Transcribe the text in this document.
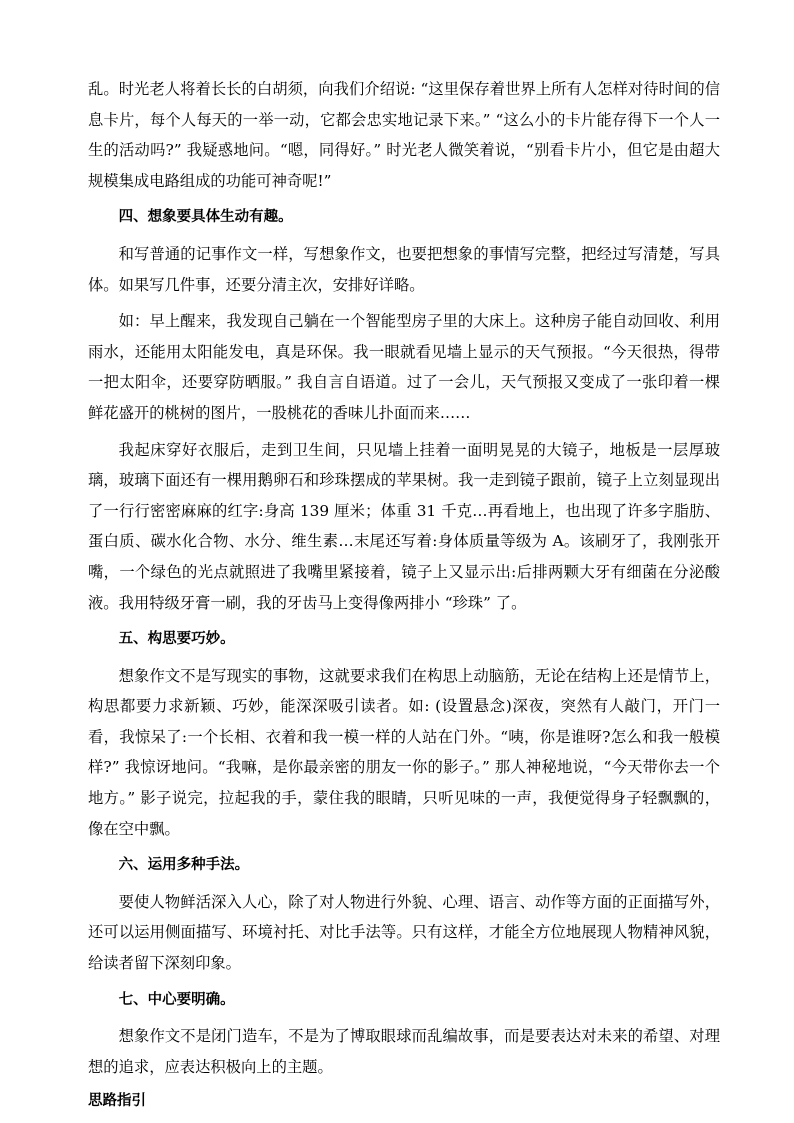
乱。时光老人将着长长的白胡须，向我们介绍说: “这里保存着世界上所有人怎样对待时间的信息卡片，每个人每天的一举一动，它都会忠实地记录下来。” “这么小的卡片能存得下一个人一生的活动吗?” 我疑惑地问。“嗯，同得好。” 时光老人微笑着说，“别看卡片小，但它是由超大规模集成电路组成的功能可神奇呢!”

四、想象要具体生动有趣。

和写普通的记事作文一样，写想象作文，也要把想象的事情写完整，把经过写清楚，写具体。如果写几件事，还要分清主次，安排好详略。

如：早上醒来，我发现自己躺在一个智能型房子里的大床上。这种房子能自动回收、利用雨水，还能用太阳能发电，真是环保。我一眼就看见墙上显示的天气预报。“今天很热，得带一把太阳伞，还要穿防晒服。” 我自言自语道。过了一会儿，天气预报又变成了一张印着一棵鲜花盛开的桃树的图片，一股桃花的香味儿扑面而来……

我起床穿好衣服后，走到卫生间，只见墙上挂着一面明晃晃的大镜子，地板是一层厚玻璃，玻璃下面还有一棵用鹅卵石和珍珠摆成的苹果树。我一走到镜子跟前，镜子上立刻显现出了一行行密密麻麻的红字:身高 139 厘米；体重 31 千克…再看地上，也出现了许多字脂肪、蛋白质、碳水化合物、水分、维生素…末尾还写着:身体质量等级为 A。该刷牙了，我刚张开嘴，一个绿色的光点就照进了我嘴里紧接着，镜子上又显示出:后排两颗大牙有细菌在分泌酸液。我用特级牙膏一刷，我的牙齿马上变得像两排小 “珍珠” 了。

五、构思要巧妙。

想象作文不是写现实的事物，这就要求我们在构思上动脑筋，无论在结构上还是情节上，构思都要力求新颖、巧妙，能深深吸引读者。如: (设置悬念)深夜，突然有人敲门，开门一看，我惊呆了:一个长相、衣着和我一模一样的人站在门外。“咦，你是谁呀?怎么和我一般模样?” 我惊讶地问。“我嘛，是你最亲密的朋友一你的影子。” 那人神秘地说，“今天带你去一个地方。” 影子说完，拉起我的手，蒙住我的眼睛，只听见味的一声，我便觉得身子轻飘飘的，像在空中飘。

六、运用多种手法。

要使人物鲜活深入人心，除了对人物进行外貌、心理、语言、动作等方面的正面描写外，还可以运用侧面描写、环境衬托、对比手法等。只有这样，才能全方位地展现人物精神风貌，给读者留下深刻印象。

七、中心要明确。

想象作文不是闭门造车，不是为了博取眼球而乱编故事，而是要表达对未来的希望、对理想的追求，应表达积极向上的主题。

思路指引
